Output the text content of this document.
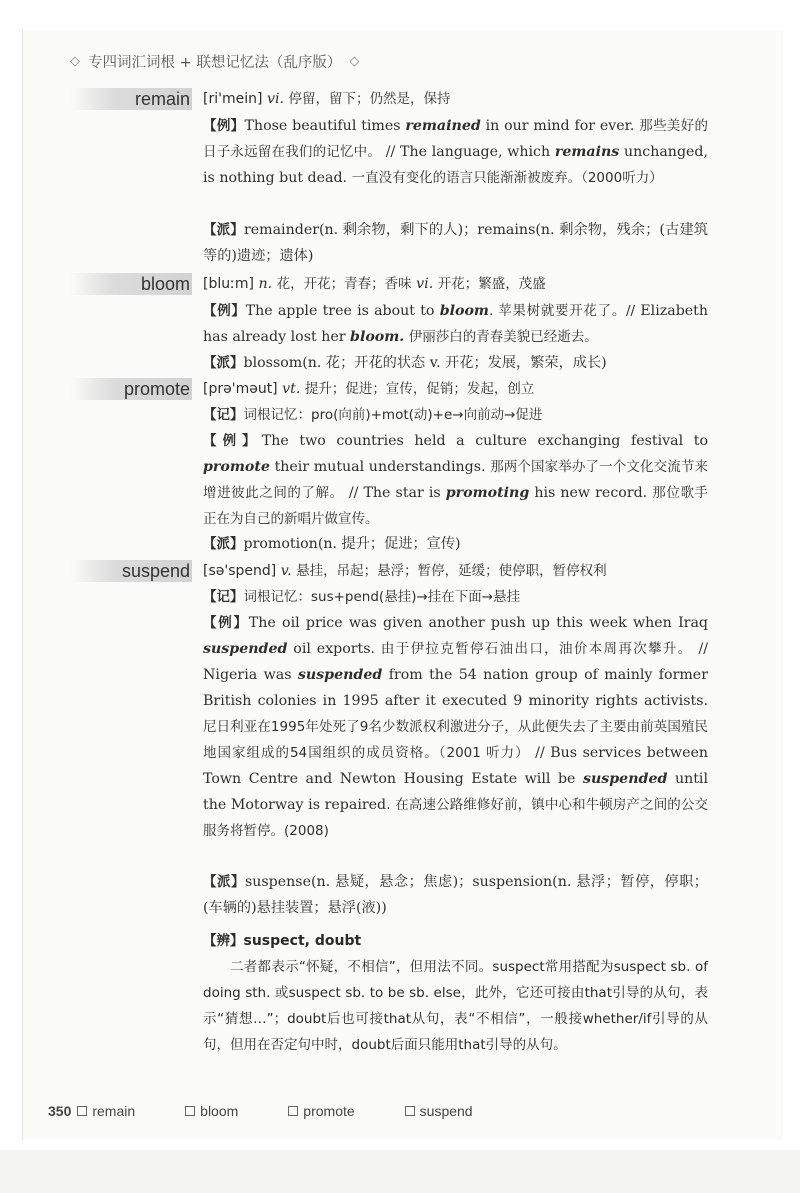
◇ 专四词汇词根 + 联想记忆法（乱序版） ◇
remain [ri'mein] vi. 停留，留下；仍然是，保持
【例】Those beautiful times remained in our mind for ever. 那些美好的日子永远留在我们的记忆中。 // The language, which remains unchanged, is nothing but dead. 一直没有变化的语言只能渐渐被废弃。（2000听力）
【派】remainder(n. 剩余物，剩下的人)；remains(n. 剩余物，残余；(古建筑等的)遗迹；遗体)
bloom [bluːm] n. 花，开花；青春；香味 vi. 开花；繁盛，茂盛
【例】The apple tree is about to bloom. 苹果树就要开花了。// Elizabeth has already lost her bloom. 伊丽莎白的青春美貌已经逝去。
【派】blossom(n. 花；开花的状态 v. 开花；发展，繁荣，成长)
promote [prə'məut] vt. 提升；促进；宣传，促销；发起，创立
【记】词根记忆：pro(向前)+mot(动)+e→向前动→促进
【例】The two countries held a culture exchanging festival to promote their mutual understandings. 那两个国家举办了一个文化交流节来增进彼此之间的了解。 // The star is promoting his new record. 那位歌手正在为自己的新唱片做宣传。
【派】promotion(n. 提升；促进；宣传)
suspend [sə'spend] v. 悬挂，吊起；悬浮；暂停，延缓；使停职，暂停权利
【记】词根记忆：sus+pend(悬挂)→挂在下面→悬挂
【例】The oil price was given another push up this week when Iraq suspended oil exports. 由于伊拉克暂停石油出口，油价本周再次攀升。 // Nigeria was suspended from the 54 nation group of mainly former British colonies in 1995 after it executed 9 minority rights activists. 尼日利亚在1995年处死了9名少数派权利激进分子，从此便失去了主要由前英国殖民地国家组成的54国组织的成员资格。（2001 听力） // Bus services between Town Centre and Newton Housing Estate will be suspended until the Motorway is repaired. 在高速公路维修好前，镇中心和牛顿房产之间的公交服务将暂停。(2008)
【派】suspense(n. 悬疑，悬念；焦虑)；suspension(n. 悬浮；暂停，停职；(车辆的)悬挂装置；悬浮(液))
【辨】suspect, doubt
二者都表示“怀疑，不相信”，但用法不同。suspect常用搭配为suspect sb. of doing sth. 或suspect sb. to be sb. else，此外，它还可接由that引导的从句，表示“猜想…”；doubt后也可接that从句，表“不相信”，一般接whether/if引导的从句，但用在否定句中时，doubt后面只能用that引导的从句。
350 remain	bloom	promote	suspend
